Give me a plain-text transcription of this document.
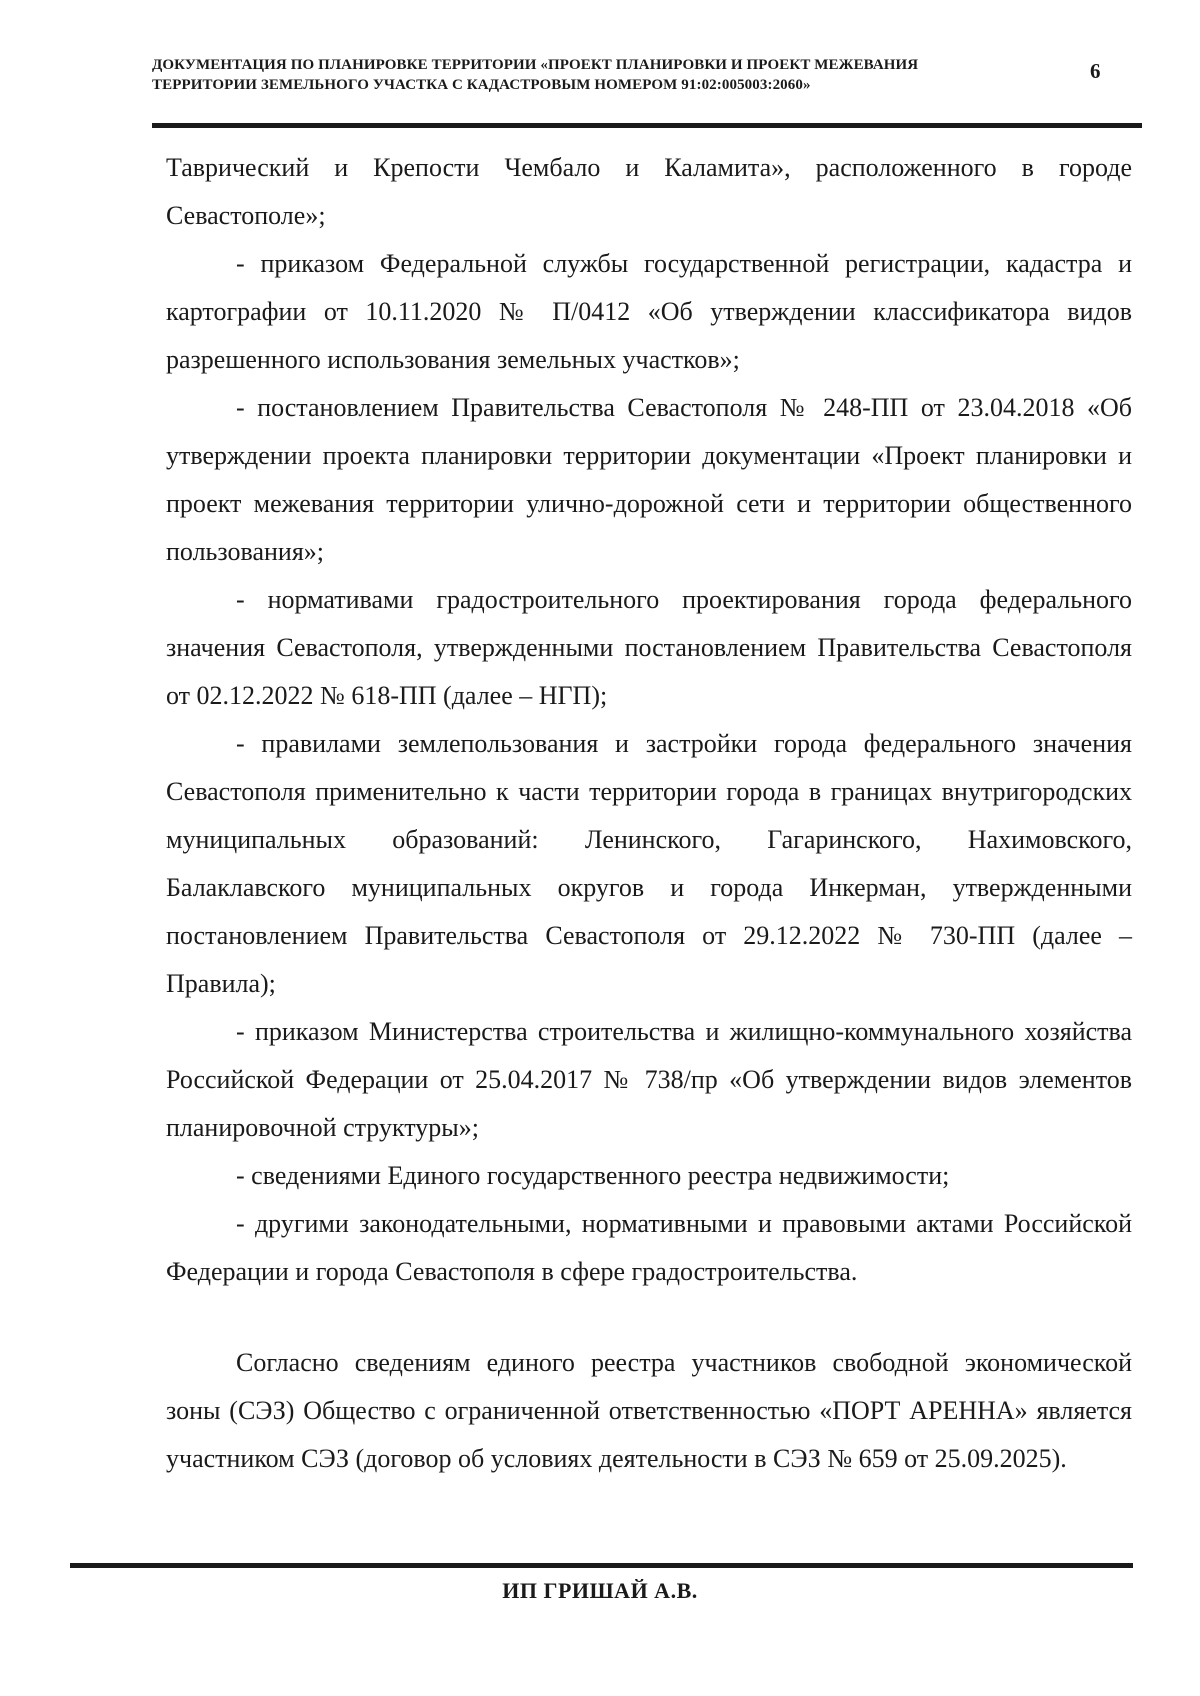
ДОКУМЕНТАЦИЯ ПО ПЛАНИРОВКЕ ТЕРРИТОРИИ «ПРОЕКТ ПЛАНИРОВКИ И ПРОЕКТ МЕЖЕВАНИЯ
ТЕРРИТОРИИ ЗЕМЕЛЬНОГО УЧАСТКА С КАДАСТРОВЫМ НОМЕРОМ 91:02:005003:2060»
6

Таврический и Крепости Чембало и Каламита», расположенного в городе Севастополе»;

- приказом Федеральной службы государственной регистрации, кадастра и картографии от 10.11.2020 № П/0412 «Об утверждении классификатора видов разрешенного использования земельных участков»;

- постановлением Правительства Севастополя № 248-ПП от 23.04.2018 «Об утверждении проекта планировки территории документации «Проект планировки и проект межевания территории улично-дорожной сети и территории общественного пользования»;

- нормативами градостроительного проектирования города федерального значения Севастополя, утвержденными постановлением Правительства Севастополя от 02.12.2022 № 618-ПП (далее – НГП);

- правилами землепользования и застройки города федерального значения Севастополя применительно к части территории города в границах внутригородских муниципальных образований: Ленинского, Гагаринского, Нахимовского, Балаклавского муниципальных округов и города Инкерман, утвержденными постановлением Правительства Севастополя от 29.12.2022 № 730-ПП (далее – Правила);

- приказом Министерства строительства и жилищно-коммунального хозяйства Российской Федерации от 25.04.2017 № 738/пр «Об утверждении видов элементов планировочной структуры»;

- сведениями Единого государственного реестра недвижимости;

- другими законодательными, нормативными и правовыми актами Российской Федерации и города Севастополя в сфере градостроительства.

Согласно сведениям единого реестра участников свободной экономической зоны (СЭЗ) Общество с ограниченной ответственностью «ПОРТ АРЕННА» является участником СЭЗ (договор об условиях деятельности в СЭЗ № 659 от 25.09.2025).

ИП ГРИШАЙ А.В.
